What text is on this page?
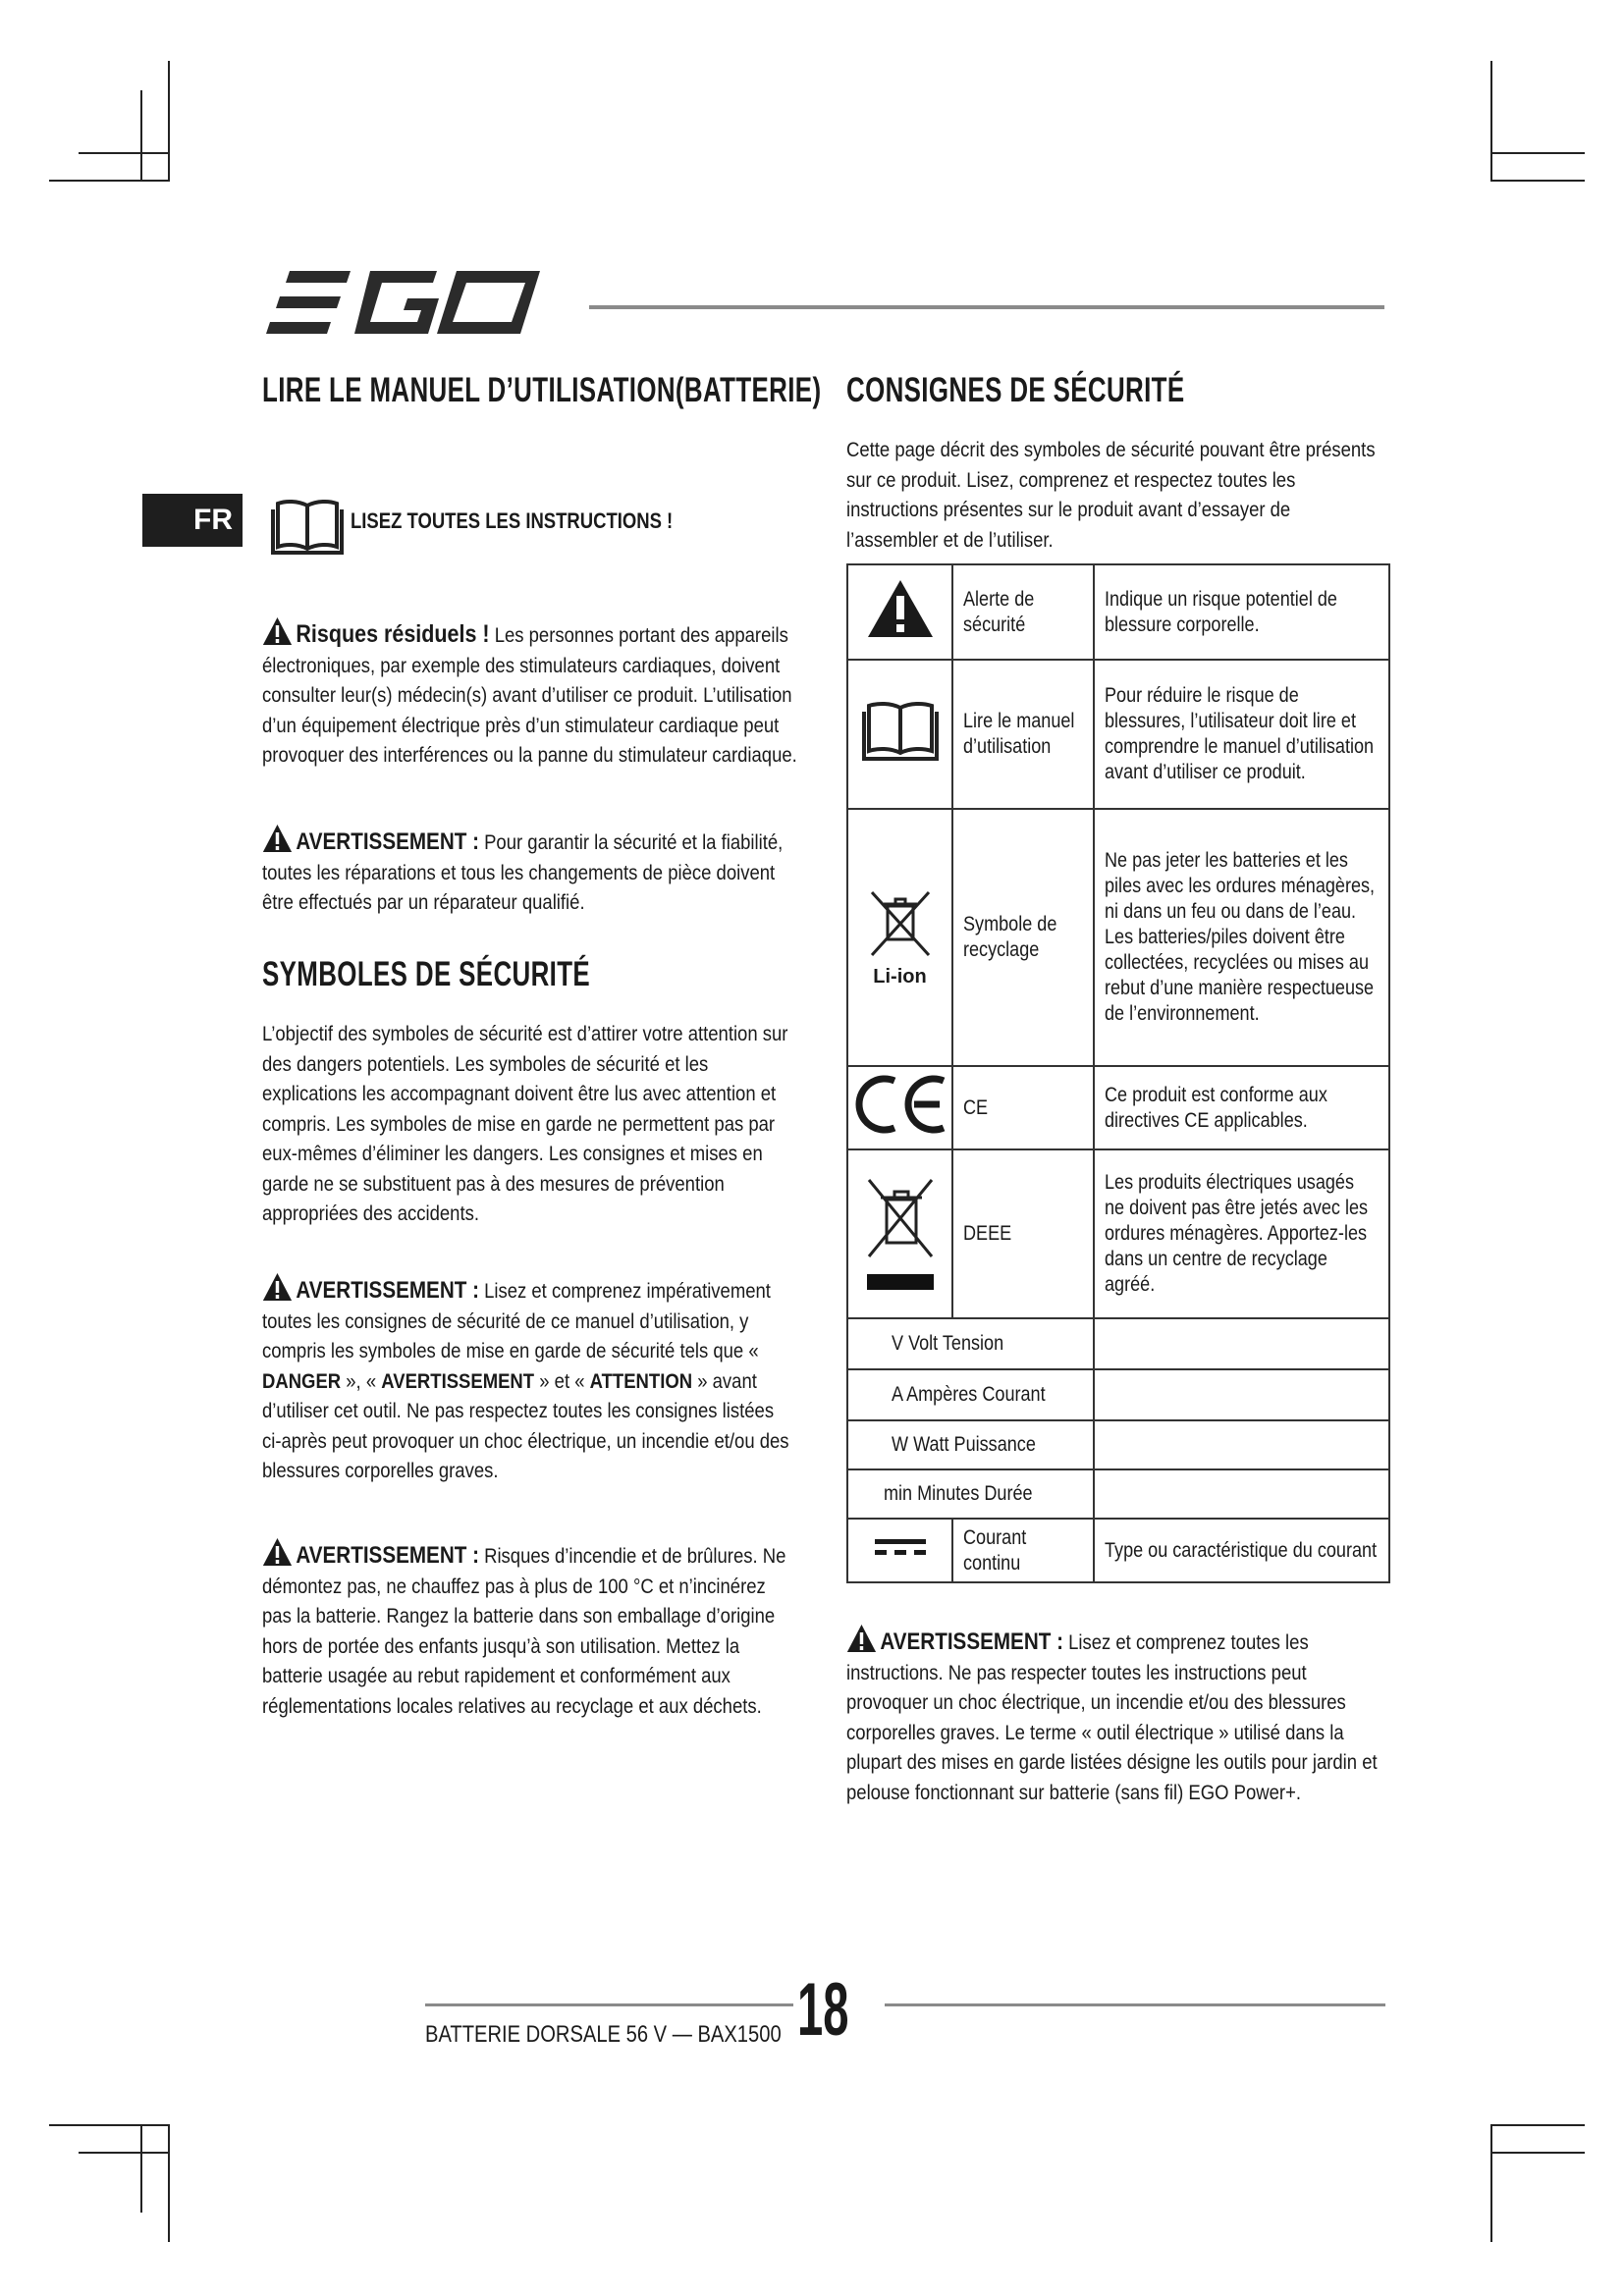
FR
LIRE LE MANUEL D’UTILISATION(BATTERIE)
LISEZ TOUTES LES INSTRUCTIONS !
Risques résiduels ! Les personnes portant des appareils électroniques, par exemple des stimulateurs cardiaques, doivent consulter leur(s) médecin(s) avant d’utiliser ce produit. L’utilisation d’un équipement électrique près d’un stimulateur cardiaque peut provoquer des interférences ou la panne du stimulateur cardiaque.
AVERTISSEMENT : Pour garantir la sécurité et la fiabilité, toutes les réparations et tous les changements de pièce doivent être effectués par un réparateur qualifié.
SYMBOLES DE SÉCURITÉ
L’objectif des symboles de sécurité est d’attirer votre attention sur des dangers potentiels. Les symboles de sécurité et les explications les accompagnant doivent être lus avec attention et compris. Les symboles de mise en garde ne permettent pas par eux-mêmes d’éliminer les dangers. Les consignes et mises en garde ne se substituent pas à des mesures de prévention appropriées des accidents.
AVERTISSEMENT : Lisez et comprenez impérativement toutes les consignes de sécurité de ce manuel d’utilisation, y compris les symboles de mise en garde de sécurité tels que « DANGER », « AVERTISSEMENT » et « ATTENTION » avant d’utiliser cet outil. Ne pas respectez toutes les consignes listées ci-après peut provoquer un choc électrique, un incendie et/ou des blessures corporelles graves.
AVERTISSEMENT : Risques d’incendie et de brûlures. Ne démontez pas, ne chauffez pas à plus de 100 °C et n’incinérez pas la batterie. Rangez la batterie dans son emballage d’origine hors de portée des enfants jusqu’à son utilisation. Mettez la batterie usagée au rebut rapidement et conformément aux réglementations locales relatives au recyclage et aux déchets.
CONSIGNES DE SÉCURITÉ
Cette page décrit des symboles de sécurité pouvant être présents sur ce produit. Lisez, comprenez et respectez toutes les instructions présentes sur le produit avant d’essayer de l’assembler et de l’utiliser.

Alerte de sécurité	Indique un risque potentiel de blessure corporelle.

Lire le manuel d’utilisation	Pour réduire le risque de blessures, l’utilisateur doit lire et comprendre le manuel d’utilisation avant d’utiliser ce produit.

Li-ion	Symbole de recyclage	Ne pas jeter les batteries et les piles avec les ordures ménagères, ni dans un feu ou dans de l’eau. Les batteries/piles doivent être collectées, recyclées ou mises au rebut d’une manière respectueuse de l’environnement.

CE	Ce produit est conforme aux directives CE applicables.

DEEE	Les produits électriques usagés ne doivent pas être jetés avec les ordures ménagères. Apportez-les dans un centre de recyclage agréé.

V Volt Tension		

A Ampères Courant		

W Watt Puissance		

min Minutes Durée		

Courant continu	Type ou caractéristique du courant
AVERTISSEMENT : Lisez et comprenez toutes les instructions. Ne pas respecter toutes les instructions peut provoquer un choc électrique, un incendie et/ou des blessures corporelles graves. Le terme « outil électrique » utilisé dans la plupart des mises en garde listées désigne les outils pour jardin et pelouse fonctionnant sur batterie (sans fil) EGO Power+.
BATTERIE DORSALE 56 V — BAX1500 18
